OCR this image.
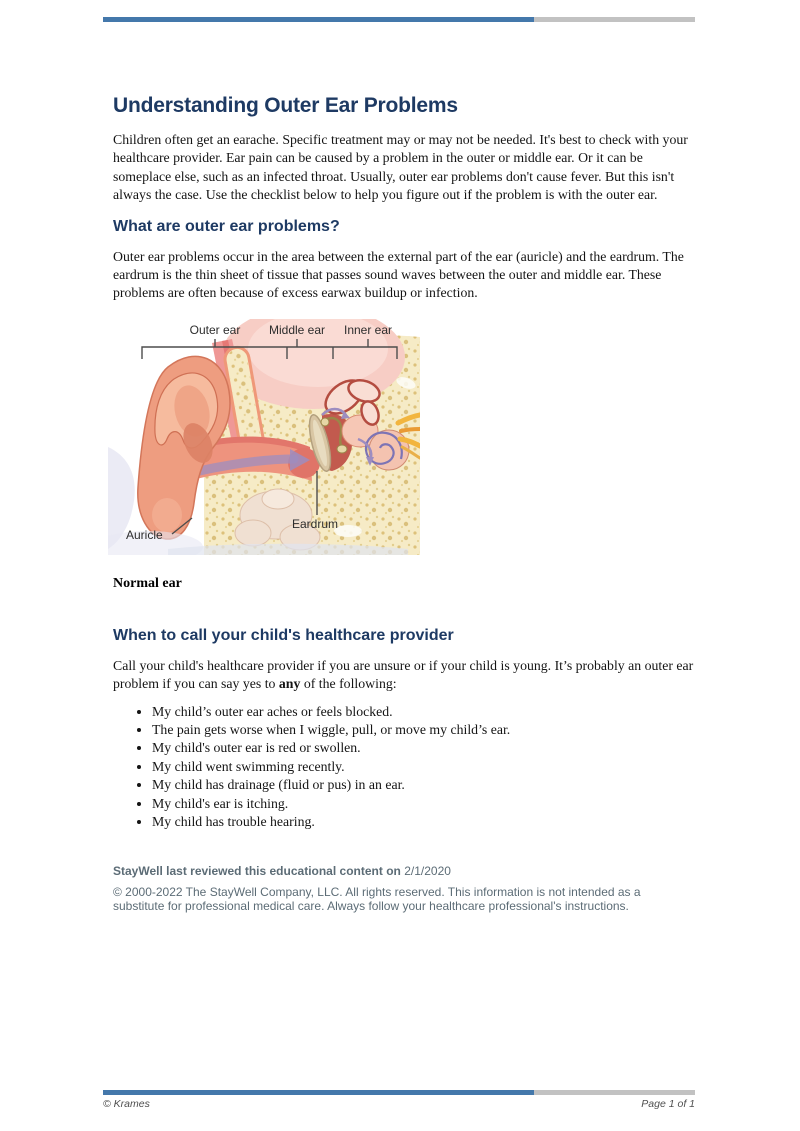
Understanding Outer Ear Problems

Children often get an earache. Specific treatment may or may not be needed. It's best to check with your healthcare provider. Ear pain can be caused by a problem in the outer or middle ear. Or it can be someplace else, such as an infected throat. Usually, outer ear problems don't cause fever. But this isn't always the case. Use the checklist below to help you figure out if the problem is with the outer ear.

What are outer ear problems?

Outer ear problems occur in the area between the external part of the ear (auricle) and the eardrum. The eardrum is the thin sheet of tissue that passes sound waves between the outer and middle ear. These problems are often because of excess earwax buildup or infection.

Outer ear Middle ear Inner ear
Auricle
Eardrum

Normal ear

When to call your child's healthcare provider

Call your child's healthcare provider if you are unsure or if your child is young. It’s probably an outer ear problem if you can say yes to any of the following:

• My child’s outer ear aches or feels blocked.
• The pain gets worse when I wiggle, pull, or move my child’s ear.
• My child's outer ear is red or swollen.
• My child went swimming recently.
• My child has drainage (fluid or pus) in an ear.
• My child's ear is itching.
• My child has trouble hearing.

StayWell last reviewed this educational content on 2/1/2020

© 2000-2022 The StayWell Company, LLC. All rights reserved. This information is not intended as a substitute for professional medical care. Always follow your healthcare professional's instructions.

© Krames	Page 1 of 1
